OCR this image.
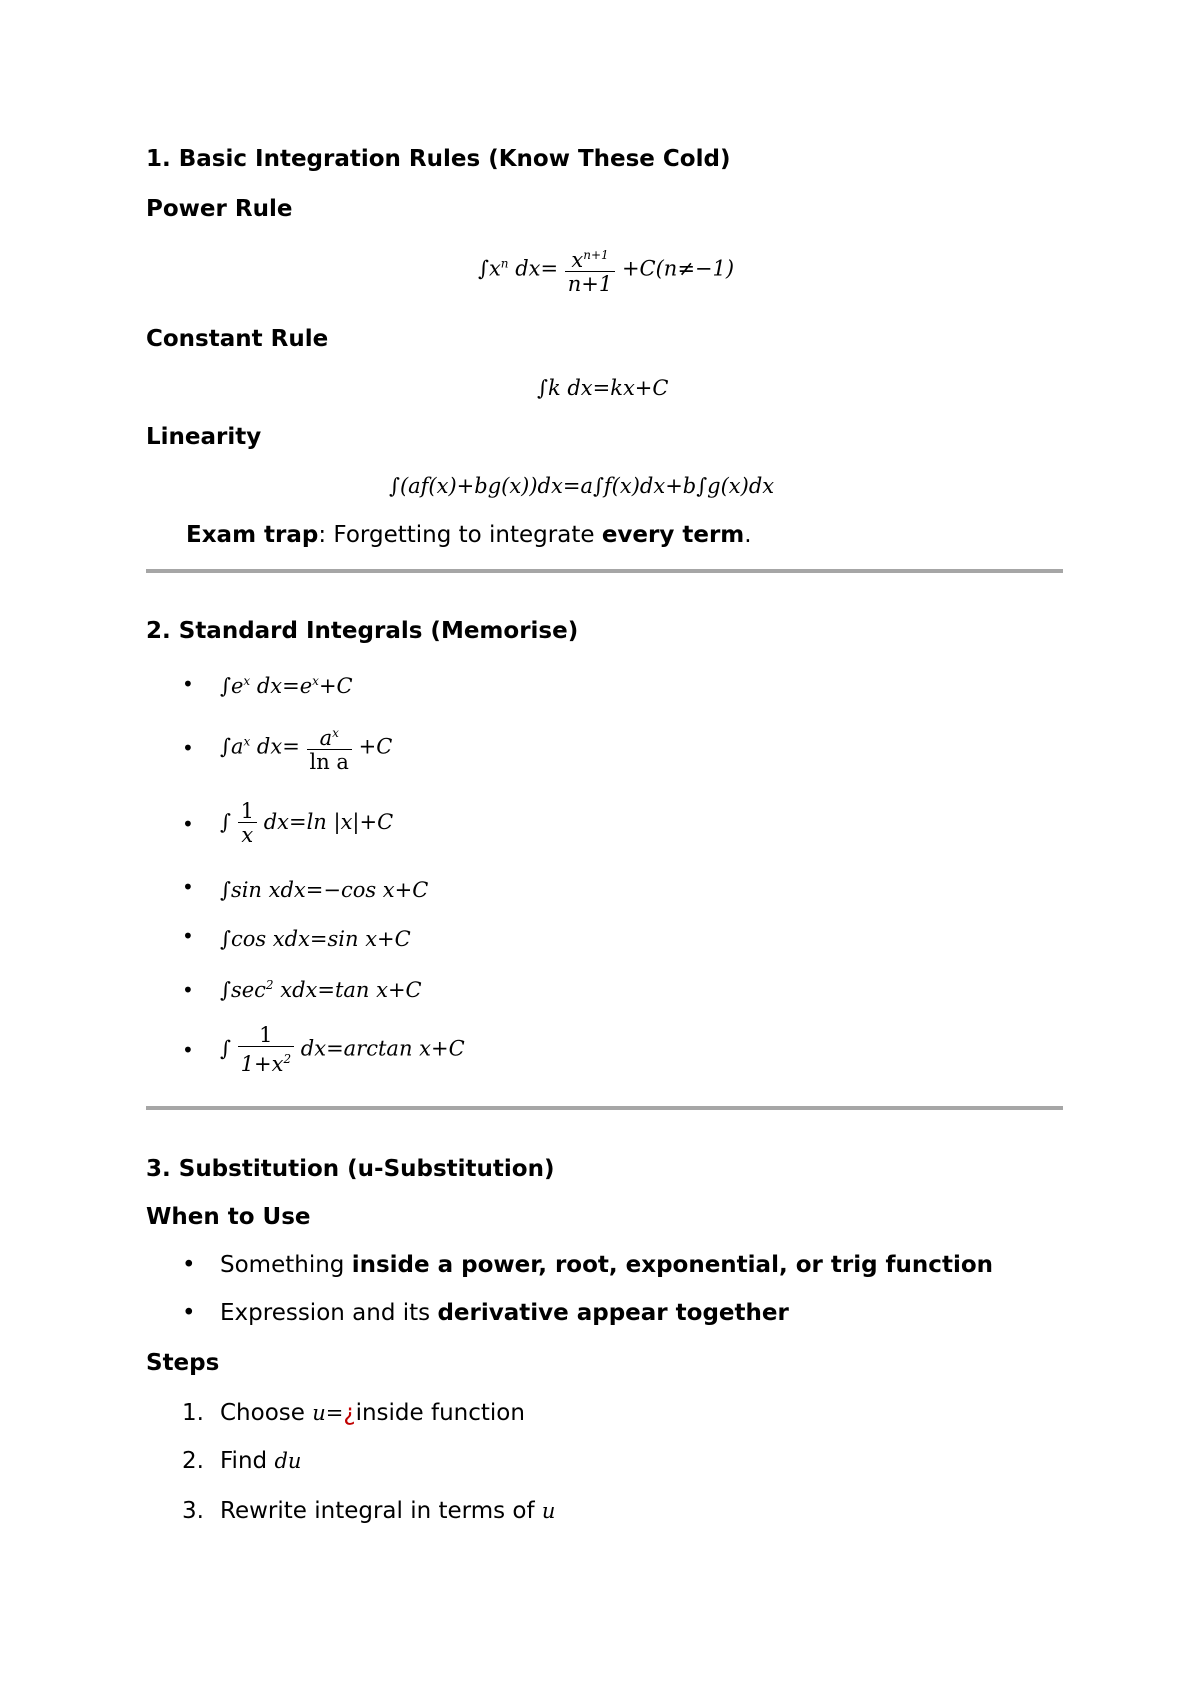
1. Basic Integration Rules (Know These Cold)
Power Rule
$\int x^n$ $dx= \frac{x^{n+1}}{n+1} +C(n\ne-1)$
Constant Rule
∫k dx=kx+C
Linearity
∫(af(x)+bg(x))dx=a∫f(x)dx+b∫g(x)dx
Exam trap: Forgetting to integrate every term.
2. Standard Integrals (Memorise)
• $\int e^x$ $dx=e^x+C$
• $\int a^x$ $dx= \frac{a^x}{\text{ln a}} +C$
• ∫ $\frac{1}{x} dx=\ln$ |x|+C
• ∫sin xdx=−cos x+C
• ∫cos xdx=sin x+C
• $\int\sec^2$ xdx=tan x+C
• ∫ $\frac{1}{1+x^2} dx=\arctan$ x+C
3. Substitution (u-Substitution)
When to Use
• Something inside a power, root, exponential, or trig function
• Expression and its derivative appear together
Steps
1. Choose u=¿inside function
2. Find du
3. Rewrite integral in terms of u
